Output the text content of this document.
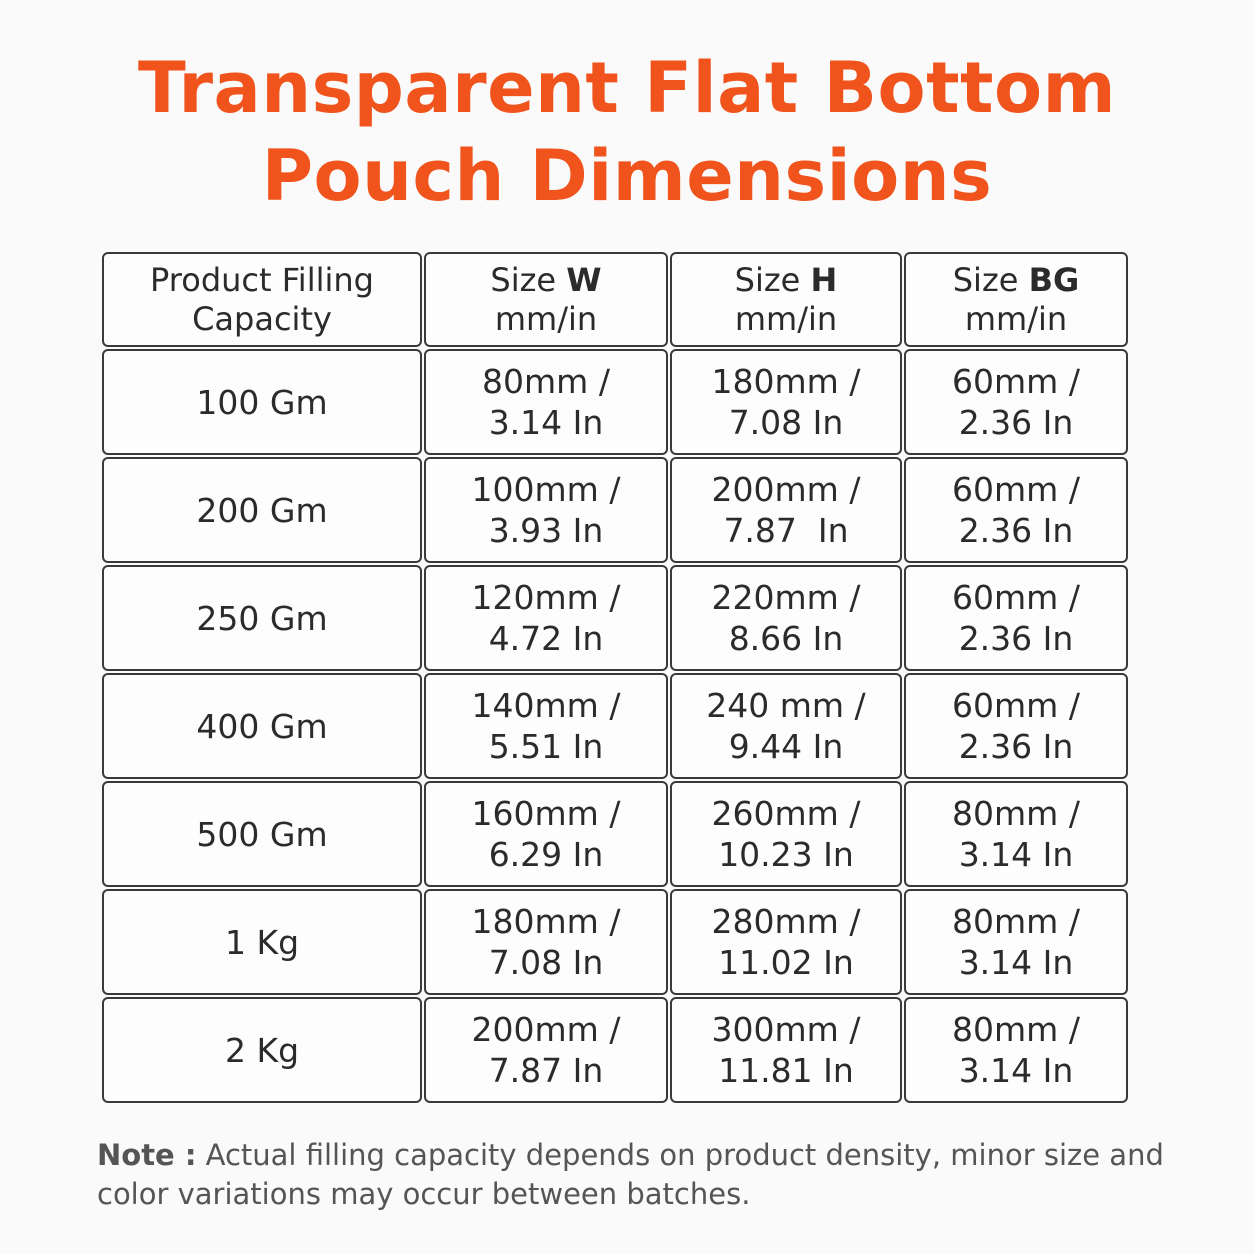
Transparent Flat Bottom
Pouch Dimensions
Product Filling
Capacity
Size W
mm/in
Size H
mm/in
Size BG
mm/in
100 Gm
80mm /
3.14 In
180mm /
7.08 In
60mm /
2.36 In
200 Gm
100mm /
3.93 In
200mm /
7.87  In
60mm /
2.36 In
250 Gm
120mm /
4.72 In
220mm /
8.66 In
60mm /
2.36 In
400 Gm
140mm /
5.51 In
240 mm /
9.44 In
60mm /
2.36 In
500 Gm
160mm /
6.29 In
260mm /
10.23 In
80mm /
3.14 In
1 Kg
180mm /
7.08 In
280mm /
11.02 In
80mm /
3.14 In
2 Kg
200mm /
7.87 In
300mm /
11.81 In
80mm /
3.14 In
Note : Actual filling capacity depends on product density, minor size and color variations may occur between batches.
